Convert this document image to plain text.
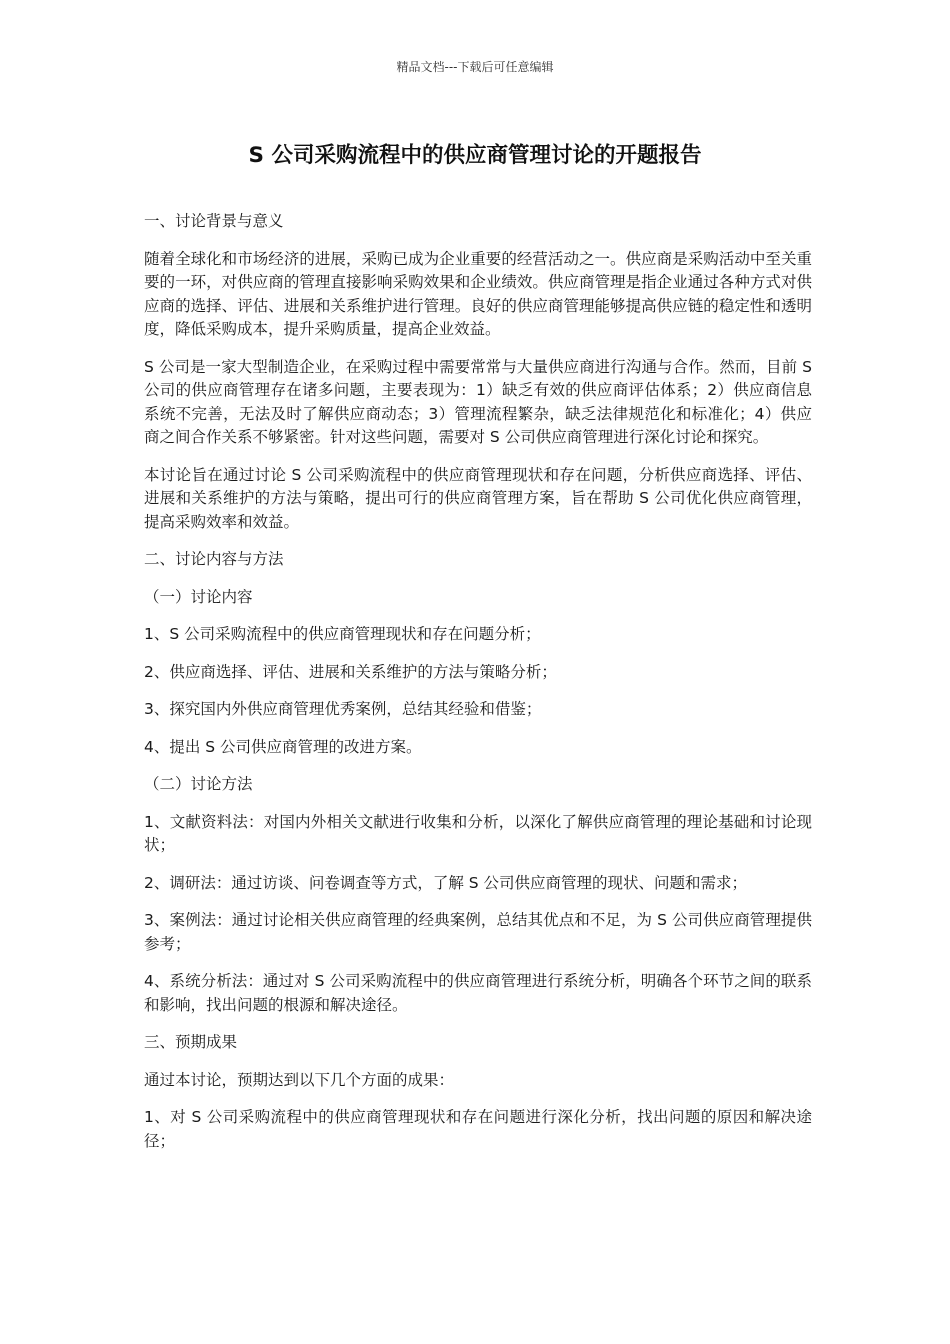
精品文档---下载后可任意编辑
S 公司采购流程中的供应商管理讨论的开题报告

一、讨论背景与意义

随着全球化和市场经济的进展，采购已成为企业重要的经营活动之一。供应商是采购活动中至关重要的一环，对供应商的管理直接影响采购效果和企业绩效。供应商管理是指企业通过各种方式对供应商的选择、评估、进展和关系维护进行管理。良好的供应商管理能够提高供应链的稳定性和透明度，降低采购成本，提升采购质量，提高企业效益。

S 公司是一家大型制造企业，在采购过程中需要常常与大量供应商进行沟通与合作。然而，目前 S 公司的供应商管理存在诸多问题，主要表现为：1）缺乏有效的供应商评估体系；2）供应商信息系统不完善，无法及时了解供应商动态；3）管理流程繁杂，缺乏法律规范化和标准化；4）供应商之间合作关系不够紧密。针对这些问题，需要对 S 公司供应商管理进行深化讨论和探究。

本讨论旨在通过讨论 S 公司采购流程中的供应商管理现状和存在问题，分析供应商选择、评估、进展和关系维护的方法与策略，提出可行的供应商管理方案，旨在帮助 S 公司优化供应商管理，提高采购效率和效益。

二、讨论内容与方法

（一）讨论内容

1、S 公司采购流程中的供应商管理现状和存在问题分析；

2、供应商选择、评估、进展和关系维护的方法与策略分析；

3、探究国内外供应商管理优秀案例，总结其经验和借鉴；

4、提出 S 公司供应商管理的改进方案。

（二）讨论方法

1、文献资料法：对国内外相关文献进行收集和分析，以深化了解供应商管理的理论基础和讨论现状；

2、调研法：通过访谈、问卷调查等方式，了解 S 公司供应商管理的现状、问题和需求；

3、案例法：通过讨论相关供应商管理的经典案例，总结其优点和不足，为 S 公司供应商管理提供参考；

4、系统分析法：通过对 S 公司采购流程中的供应商管理进行系统分析，明确各个环节之间的联系和影响，找出问题的根源和解决途径。

三、预期成果

通过本讨论，预期达到以下几个方面的成果：

1、对 S 公司采购流程中的供应商管理现状和存在问题进行深化分析，找出问题的原因和解决途径；
